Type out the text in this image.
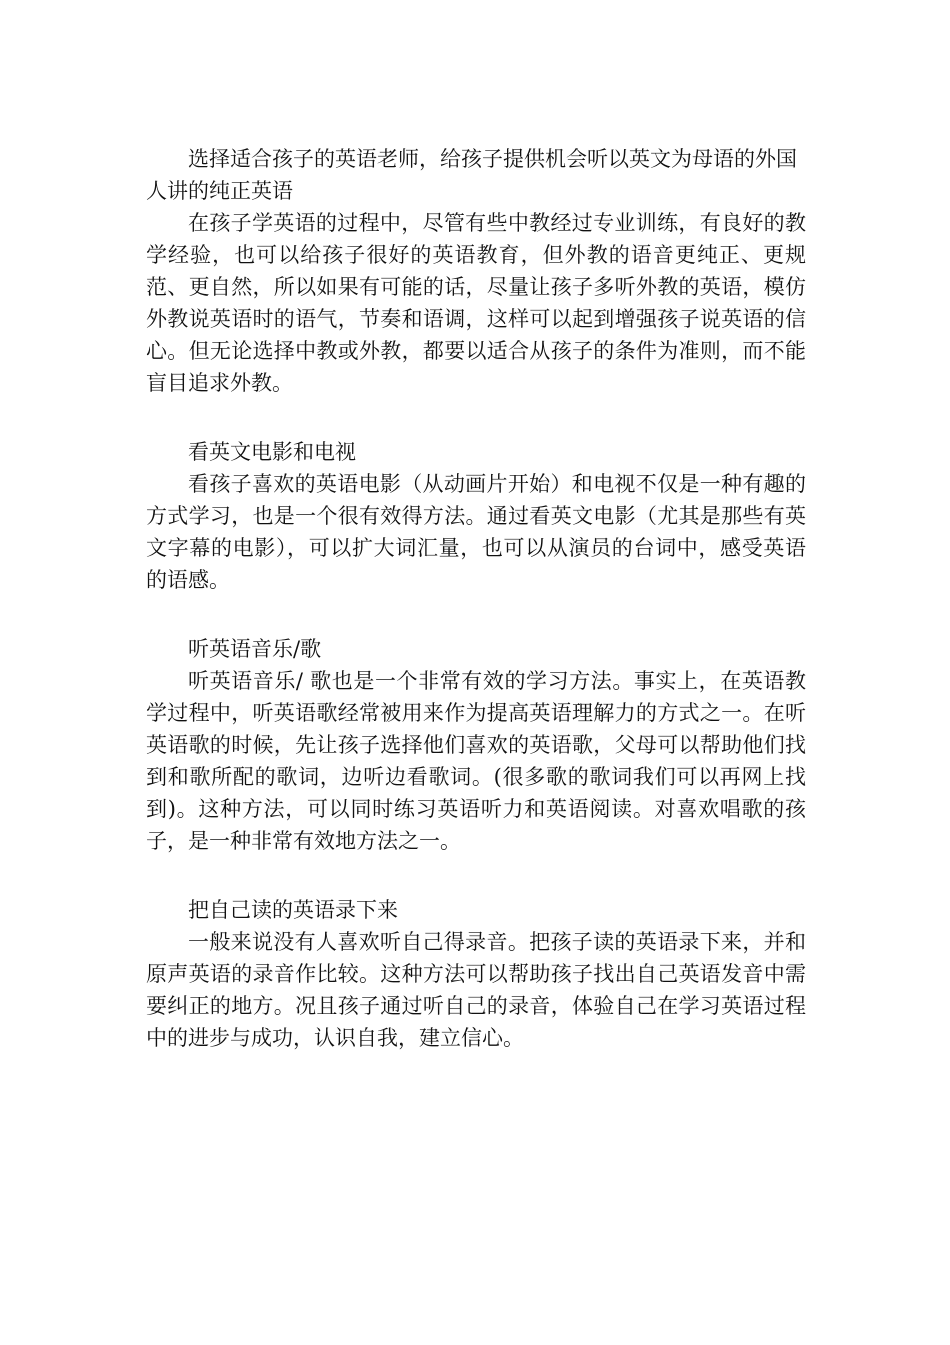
选择适合孩子的英语老师，给孩子提供机会听以英文为母语的外国人讲的纯正英语

在孩子学英语的过程中，尽管有些中教经过专业训练，有良好的教学经验，也可以给孩子很好的英语教育，但外教的语音更纯正、更规范、更自然，所以如果有可能的话，尽量让孩子多听外教的英语，模仿外教说英语时的语气，节奏和语调，这样可以起到增强孩子说英语的信心。但无论选择中教或外教，都要以适合从孩子的条件为准则，而不能盲目追求外教。

看英文电影和电视

看孩子喜欢的英语电影（从动画片开始）和电视不仅是一种有趣的方式学习，也是一个很有效得方法。通过看英文电影（尤其是那些有英文字幕的电影），可以扩大词汇量，也可以从演员的台词中，感受英语的语感。

听英语音乐/歌

听英语音乐/ 歌也是一个非常有效的学习方法。事实上，在英语教学过程中，听英语歌经常被用来作为提高英语理解力的方式之一。在听英语歌的时候，先让孩子选择他们喜欢的英语歌，父母可以帮助他们找到和歌所配的歌词，边听边看歌词。(很多歌的歌词我们可以再网上找到)。这种方法，可以同时练习英语听力和英语阅读。对喜欢唱歌的孩子，是一种非常有效地方法之一。

把自己读的英语录下来

一般来说没有人喜欢听自己得录音。把孩子读的英语录下来，并和原声英语的录音作比较。这种方法可以帮助孩子找出自己英语发音中需要纠正的地方。况且孩子通过听自己的录音，体验自己在学习英语过程中的进步与成功，认识自我，建立信心。
